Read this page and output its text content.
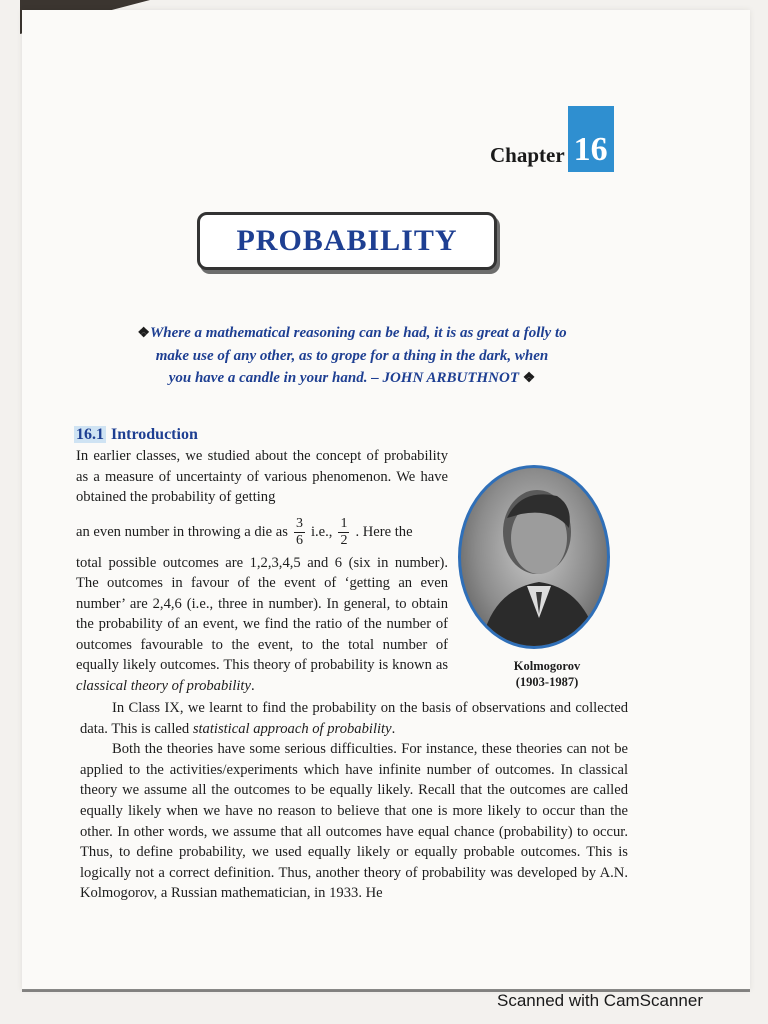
Chapter 16
PROBABILITY
❖Where a mathematical reasoning can be had, it is as great a folly to
make use of any other, as to grope for a thing in the dark, when
you have a candle in your hand. – JOHN ARBUTHNOT ❖
16.1 Introduction

In earlier classes, we studied about the concept of probability as a measure of uncertainty of various phenomenon. We have obtained the probability of getting

an even number in throwing a die as $\frac{3}{6} i.e$., $\frac{1}{2}$ . Here the

total possible outcomes are 1,2,3,4,5 and 6 (six in number). The outcomes in favour of the event of ‘getting an even number’ are 2,4,6 (i.e., three in number). In general, to obtain the probability of an event, we find the ratio of the number of outcomes favourable to the event, to the total number of equally likely outcomes. This theory of probability is known as classical theory of probability.

Kolmogorov
(1903-1987)

In Class IX, we learnt to find the probability on the basis of observations and collected data. This is called statistical approach of probability.

Both the theories have some serious difficulties. For instance, these theories can not be applied to the activities/experiments which have infinite number of outcomes. In classical theory we assume all the outcomes to be equally likely. Recall that the outcomes are called equally likely when we have no reason to believe that one is more likely to occur than the other. In other words, we assume that all outcomes have equal chance (probability) to occur. Thus, to define probability, we used equally likely or equally probable outcomes. This is logically not a correct definition. Thus, another theory of probability was developed by A.N. Kolmogorov, a Russian mathematician, in 1933. He

Scanned with CamScanner
